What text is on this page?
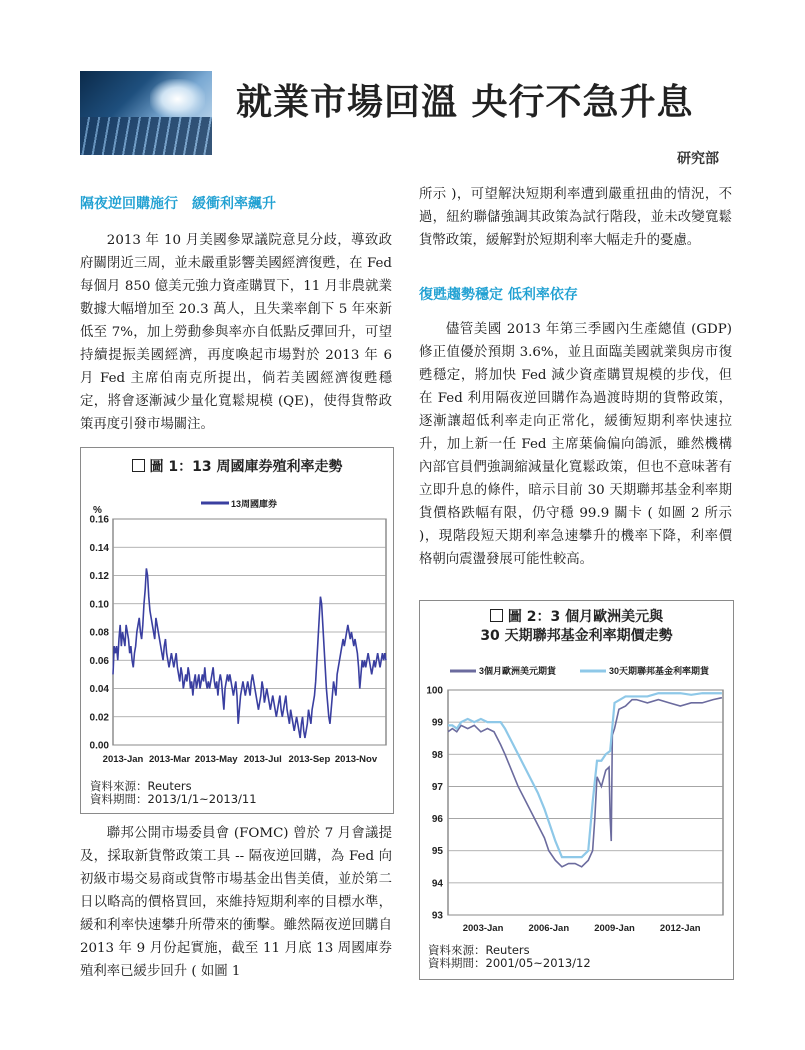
就業市場回溫 央行不急升息
研究部
隔夜逆回購施行　緩衝利率飆升
2013 年 10 月美國參眾議院意見分歧，導致政府關閉近三周，並未嚴重影響美國經濟復甦，在 Fed 每個月 850 億美元強力資產購買下，11 月非農就業數據大幅增加至 20.3 萬人，且失業率創下 5 年來新低至 7%，加上勞動參與率亦自低點反彈回升，可望持續提振美國經濟，再度喚起市場對於 2013 年 6 月 Fed 主席伯南克所提出，倘若美國經濟復甦穩定，將會逐漸減少量化寬鬆規模 (QE)，使得貨幣政策再度引發市場關注。
圖 1：13 周國庫券殖利率走勢
0.00
0.02
0.04
0.06
0.08
0.10
0.12
0.14
0.16
%
2013-Jan 2013-Mar 2013-May 2013-Jul 2013-Sep 2013-Nov
13周國庫券
資料來源：Reuters
資料期間：2013/1/1~2013/11
聯邦公開市場委員會 (FOMC) 曾於 7 月會議提及，採取新貨幣政策工具 -- 隔夜逆回購，為 Fed 向初級市場交易商或貨幣市場基金出售美債，並於第二日以略高的價格買回，來維持短期利率的目標水準，緩和利率快速攀升所帶來的衝擊。雖然隔夜逆回購自 2013 年 9 月份起實施，截至 11 月底 13 周國庫券殖利率已緩步回升 ( 如圖 1
所示 )，可望解決短期利率遭到嚴重扭曲的情況，不過，紐約聯儲強調其政策為試行階段，並未改變寬鬆貨幣政策，緩解對於短期利率大幅走升的憂慮。
復甦趨勢穩定 低利率依存
儘管美國 2013 年第三季國內生產總值 (GDP) 修正值優於預期 3.6%，並且面臨美國就業與房市復甦穩定，將加快 Fed 減少資產購買規模的步伐，但在 Fed 利用隔夜逆回購作為過渡時期的貨幣政策，逐漸讓超低利率走向正常化，緩衝短期利率快速拉升，加上新一任 Fed 主席葉倫偏向鴿派，雖然機構內部官員們強調縮減量化寬鬆政策，但也不意味著有立即升息的條件，暗示目前 30 天期聯邦基金利率期貨價格跌幅有限，仍守穩 99.9 關卡 ( 如圖 2 所示 )，現階段短天期利率急速攀升的機率下降，利率價格朝向震盪發展可能性較高。
圖 2：3 個月歐洲美元與
30 天期聯邦基金利率期價走勢
93
94
95
96
97
98
99
100
2003-Jan	2006-Jan	2009-Jan	2012-Jan
3個月歐洲美元期貨	30天期聯邦基金利率期貨
資料來源：Reuters
資料期間：2001/05~2013/12
